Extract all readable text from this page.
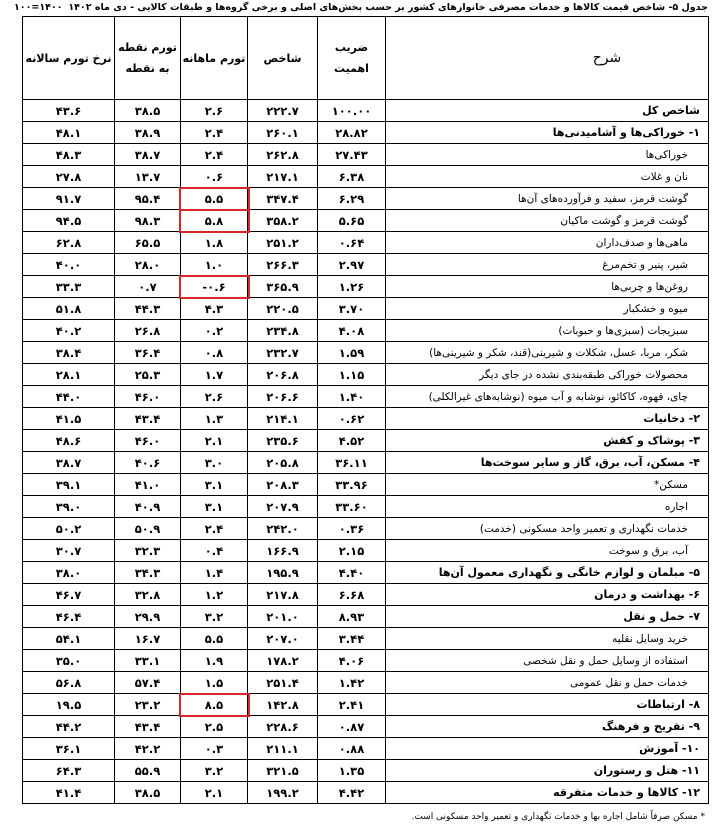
جدول ۵- شاخص قیمت کالاها و خدمات مصرفی خانوارهای کشور بر حسب بخش‌های اصلی و برخی گروه‌ها و طبقات کالایی - دی ماه ۱۴۰۲
۱۰۰=۱۴۰۰
نرخ تورم سالانه	تورم نقطه به نقطه	تورم ماهانه	شاخص	ضریب اهمیت	شرح
۴۳.۶	۳۸.۵	۲.۶	۲۲۲.۷	۱۰۰.۰۰	شاخص کل
۴۸.۱	۳۸.۹	۲.۴	۲۶۰.۱	۲۸.۸۲	۱- خوراکی‌ها و آشامیدنی‌ها
۴۸.۳	۳۸.۷	۲.۴	۲۶۲.۸	۲۷.۴۳	خوراکی‌ها
۲۷.۸	۱۳.۷	۰.۶	۲۱۷.۱	۶.۳۸	نان و غلات
۹۱.۷	۹۵.۴	۵.۵	۳۴۷.۴	۶.۲۹	گوشت قرمز، سفید و فرآورده‌های آن‌ها
۹۴.۵	۹۸.۳	۵.۸	۳۵۸.۲	۵.۶۵	گوشت قرمز و گوشت ماکیان
۶۲.۸	۶۵.۵	۱.۸	۲۵۱.۲	۰.۶۴	ماهی‌ها و صدف‌داران
۴۰.۰	۲۸.۰	۱.۰	۲۶۶.۳	۲.۹۷	شیر، پنیر و تخم‌مرغ
۳۳.۳	۰.۷	-۰.۶	۳۶۵.۹	۱.۲۶	روغن‌ها و چربی‌ها
۵۱.۸	۴۴.۳	۴.۳	۲۲۰.۵	۳.۷۰	میوه و خشکبار
۴۰.۲	۲۶.۸	۰.۲	۲۳۴.۸	۴.۰۸	سبزیجات (سبزی‌ها و حبوبات)
۳۸.۴	۳۶.۴	۰.۸	۲۳۲.۷	۱.۵۹	شکر، مربا، عسل، شکلات و شیرینی‌(قند، شکر و شیرینی‌ها)
۲۸.۱	۲۵.۳	۱.۷	۲۰۶.۸	۱.۱۵	محصولات خوراکی طبقه‌بندی نشده در جای دیگر
۴۴.۰	۴۶.۰	۲.۶	۲۰۶.۶	۱.۴۰	چای، قهوه، کاکائو، نوشابه و آب میوه (نوشابه‌های غیرالکلی)
۴۱.۵	۴۳.۴	۱.۳	۲۱۴.۱	۰.۶۲	۲- دخانیات
۴۸.۶	۴۶.۰	۲.۱	۲۳۵.۶	۴.۵۲	۳- پوشاک و کفش
۳۸.۷	۴۰.۶	۳.۰	۲۰۵.۸	۳۶.۱۱	۴- مسکن، آب، برق، گاز و سایر سوخت‌ها
۳۹.۱	۴۱.۰	۳.۱	۲۰۸.۳	۳۳.۹۶	مسکن*
۳۹.۰	۴۰.۹	۳.۱	۲۰۷.۹	۳۳.۶۰	اجاره
۵۰.۲	۵۰.۹	۲.۴	۲۴۲.۰	۰.۳۶	خدمات نگهداری و تعمیر واحد مسکونی (خدمت)
۳۰.۷	۳۲.۳	۰.۴	۱۶۶.۹	۲.۱۵	آب، برق و سوخت
۳۸.۰	۳۴.۳	۱.۴	۱۹۵.۹	۴.۴۰	۵- مبلمان و لوازم خانگی و نگهداری معمول آن‌ها
۴۶.۷	۳۲.۸	۱.۲	۲۱۷.۸	۶.۶۸	۶- بهداشت و درمان
۴۶.۴	۲۹.۹	۳.۲	۲۰۱.۰	۸.۹۳	۷- حمل و نقل
۵۴.۱	۱۶.۷	۵.۵	۲۰۷.۰	۳.۴۴	خرید وسایل نقلیه
۳۵.۰	۳۳.۱	۱.۹	۱۷۸.۲	۴.۰۶	استفاده از وسایل حمل و نقل شخصی
۵۶.۸	۵۷.۴	۱.۵	۲۵۱.۴	۱.۴۲	خدمات حمل و نقل عمومی
۱۹.۵	۲۳.۲	۸.۵	۱۴۲.۸	۲.۴۱	۸- ارتباطات
۴۴.۲	۴۳.۴	۲.۵	۲۲۸.۶	۰.۸۷	۹- تفریح و فرهنگ
۳۶.۱	۴۲.۲	۰.۳	۲۱۱.۱	۰.۸۸	۱۰- آموزش
۶۴.۳	۵۵.۹	۳.۲	۳۲۱.۵	۱.۳۵	۱۱- هتل و رستوران
۴۱.۴	۳۸.۵	۲.۱	۱۹۹.۲	۴.۴۲	۱۲- کالاها و خدمات متفرقه
* مسکن صرفاً شامل اجاره بها و خدمات نگهداری و تعمیر واحد مسکونی است.
